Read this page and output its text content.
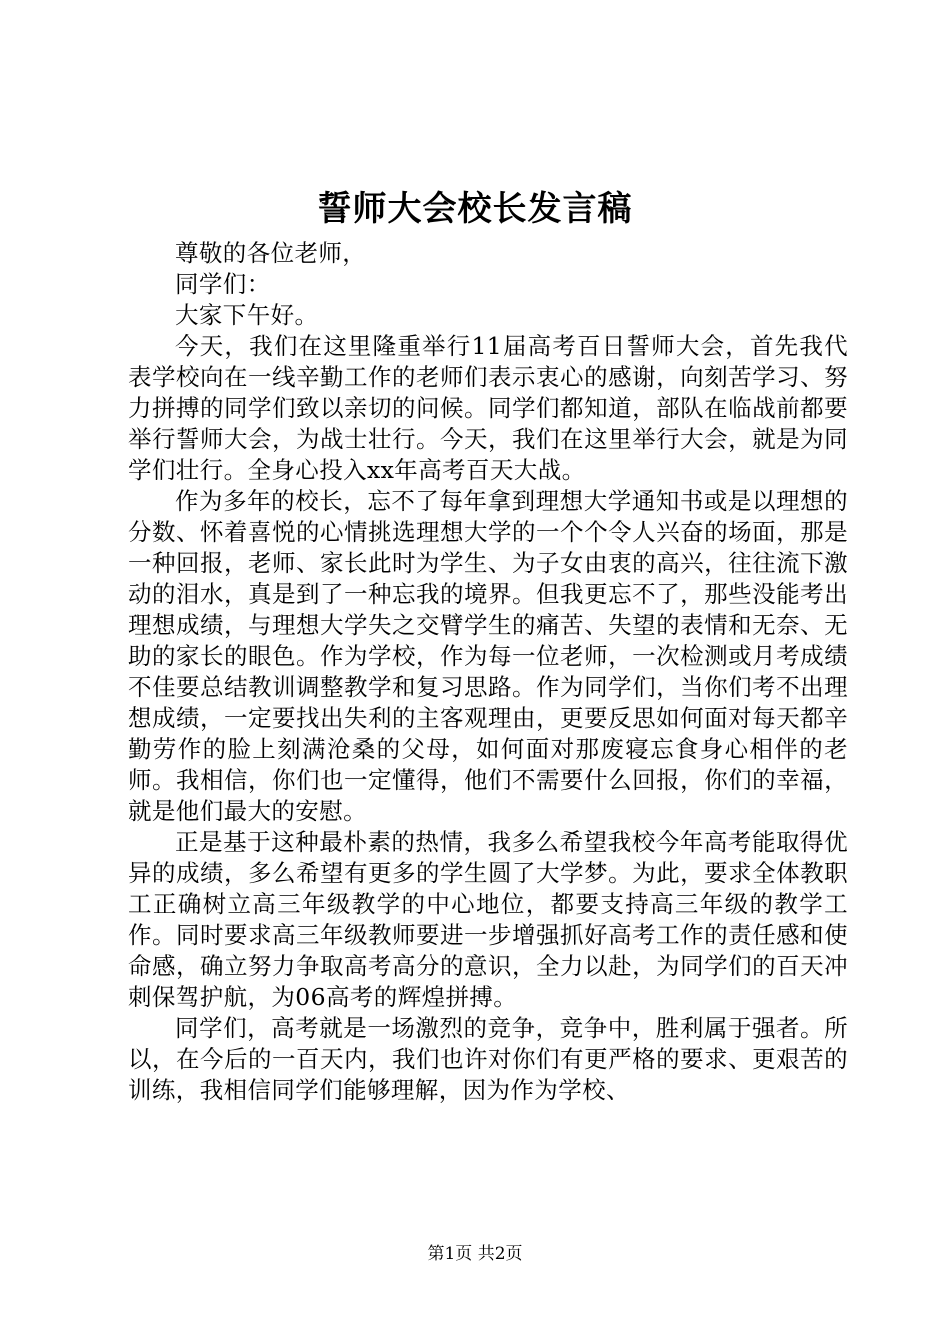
誓师大会校长发言稿

尊敬的各位老师，

同学们：

大家下午好。

今天，我们在这里隆重举行11届高考百日誓师大会，首先我代表学校向在一线辛勤工作的老师们表示衷心的感谢，向刻苦学习、努力拼搏的同学们致以亲切的问候。同学们都知道，部队在临战前都要举行誓师大会，为战士壮行。今天，我们在这里举行大会，就是为同学们壮行。全身心投入xx年高考百天大战。

作为多年的校长，忘不了每年拿到理想大学通知书或是以理想的分数、怀着喜悦的心情挑选理想大学的一个个令人兴奋的场面，那是一种回报，老师、家长此时为学生、为子女由衷的高兴，往往流下激动的泪水，真是到了一种忘我的境界。但我更忘不了，那些没能考出理想成绩，与理想大学失之交臂学生的痛苦、失望的表情和无奈、无助的家长的眼色。作为学校，作为每一位老师，一次检测或月考成绩不佳要总结教训调整教学和复习思路。作为同学们，当你们考不出理想成绩，一定要找出失利的主客观理由，更要反思如何面对每天都辛勤劳作的脸上刻满沧桑的父母，如何面对那废寝忘食身心相伴的老师。我相信，你们也一定懂得，他们不需要什么回报，你们的幸福，就是他们最大的安慰。

正是基于这种最朴素的热情，我多么希望我校今年高考能取得优异的成绩，多么希望有更多的学生圆了大学梦。为此，要求全体教职工正确树立高三年级教学的中心地位，都要支持高三年级的教学工作。同时要求高三年级教师要进一步增强抓好高考工作的责任感和使命感，确立努力争取高考高分的意识，全力以赴，为同学们的百天冲刺保驾护航，为06高考的辉煌拼搏。

同学们，高考就是一场激烈的竞争，竞争中，胜利属于强者。所以，在今后的一百天内，我们也许对你们有更严格的要求、更艰苦的训练，我相信同学们能够理解，因为作为学校、

第1页 共2页
